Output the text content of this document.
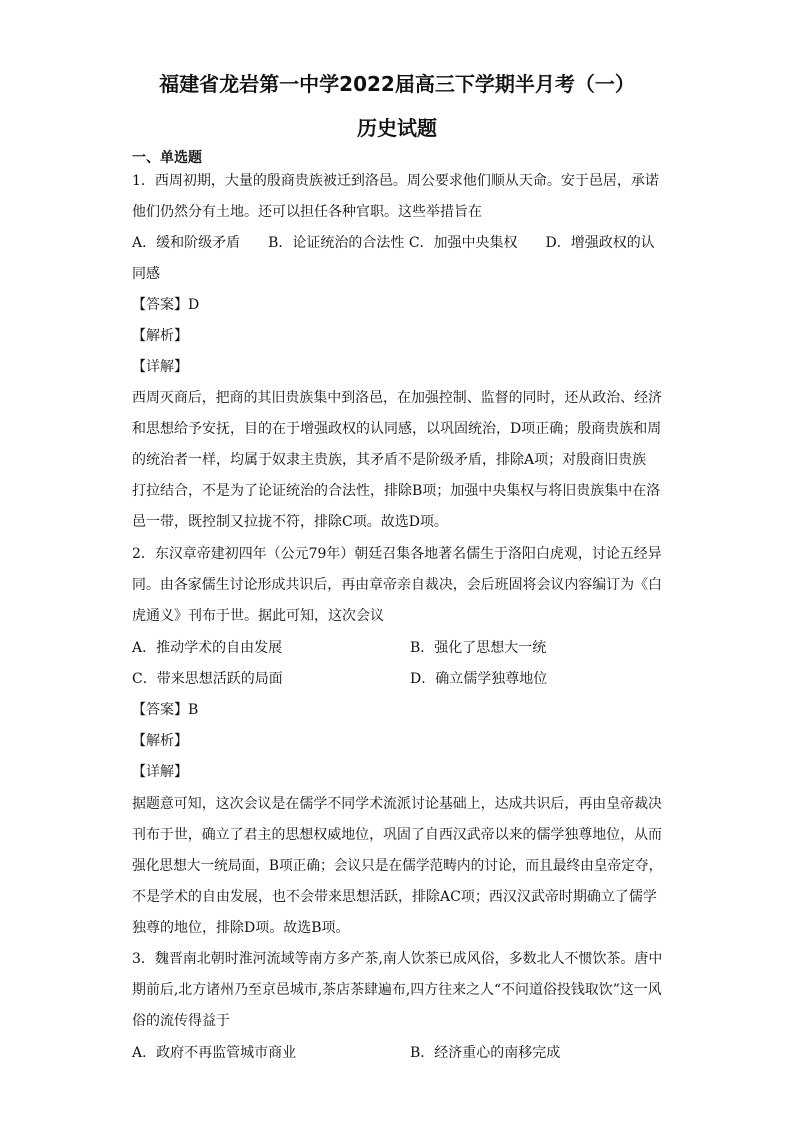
福建省龙岩第一中学2022届高三下学期半月考（一）
历史试题
一、单选题
1．西周初期，大量的殷商贵族被迁到洛邑。周公要求他们顺从天命。安于邑居，承诺
他们仍然分有土地。还可以担任各种官职。这些举措旨在
A．缓和阶级矛盾　　B．论证统治的合法性 C．加强中央集权　　D．增强政权的认
同感
【答案】D
【解析】
【详解】
西周灭商后，把商的其旧贵族集中到洛邑，在加强控制、监督的同时，还从政治、经济
和思想给予安抚，目的在于增强政权的认同感，以巩固统治，D项正确；殷商贵族和周
的统治者一样，均属于奴隶主贵族，其矛盾不是阶级矛盾，排除A项；对殷商旧贵族
打拉结合，不是为了论证统治的合法性，排除B项；加强中央集权与将旧贵族集中在洛
邑一带，既控制又拉拢不符，排除C项。故选D项。
2．东汉章帝建初四年（公元79年）朝廷召集各地著名儒生于洛阳白虎观，讨论五经异
同。由各家儒生讨论形成共识后，再由章帝亲自裁决，会后班固将会议内容编订为《白
虎通义》刊布于世。据此可知，这次会议
A．推动学术的自由发展	B．强化了思想大一统
C．带来思想活跃的局面	D．确立儒学独尊地位
【答案】B
【解析】
【详解】
据题意可知，这次会议是在儒学不同学术流派讨论基础上，达成共识后，再由皇帝裁决
刊布于世，确立了君主的思想权威地位，巩固了自西汉武帝以来的儒学独尊地位，从而
强化思想大一统局面，B项正确；会议只是在儒学范畴内的讨论，而且最终由皇帝定夺，
不是学术的自由发展，也不会带来思想活跃，排除AC项；西汉汉武帝时期确立了儒学
独尊的地位，排除D项。故选B项。
3．魏晋南北朝时淮河流域等南方多产茶,南人饮茶已成风俗，多数北人不惯饮茶。唐中
期前后,北方诸州乃至京邑城市,茶店茶肆遍布,四方往来之人“不问道俗投钱取饮”这一风
俗的流传得益于
A．政府不再监管城市商业	B．经济重心的南移完成
